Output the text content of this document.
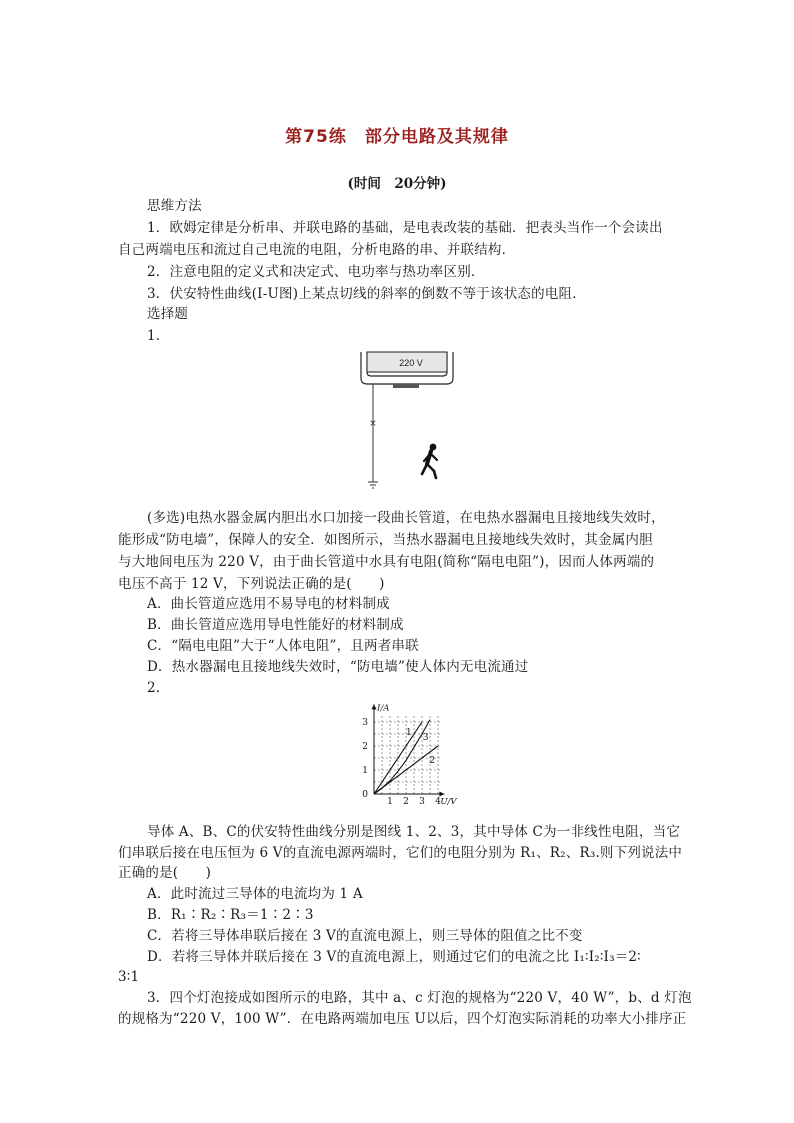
第75练　部分电路及其规律
(时间　20分钟)
思维方法
1．欧姆定律是分析串、并联电路的基础，是电表改装的基础．把表头当作一个会读出
自己两端电压和流过自己电流的电阻，分析电路的串、并联结构．
2．注意电阻的定义式和决定式、电功率与热功率区别．
3．伏安特性曲线(I-U图)上某点切线的斜率的倒数不等于该状态的电阻．
选择题
1.
220 V
×
(多选)电热水器金属内胆出水口加接一段曲长管道，在电热水器漏电且接地线失效时，
能形成“防电墙”，保障人的安全．如图所示，当热水器漏电且接地线失效时，其金属内胆
与大地间电压为 220 V，由于曲长管道中水具有电阻(简称“隔电电阻”)，因而人体两端的
电压不高于 12 V，下列说法正确的是(　　)
A．曲长管道应选用不易导电的材料制成
B．曲长管道应选用导电性能好的材料制成
C．“隔电电阻”大于“人体电阻”，且两者串联
D．热水器漏电且接地线失效时，“防电墙”使人体内无电流通过
2.
1 2 3 4
1
2
3
0
U/V
I/A
1
2
3
导体 A、B、C的伏安特性曲线分别是图线 1、2、3，其中导体 C为一非线性电阻，当它
们串联后接在电压恒为 6 V的直流电源两端时，它们的电阻分别为 R₁、R₂、R₃.则下列说法中
正确的是(　　)
A．此时流过三导体的电流均为 1 A
B．R₁∶R₂∶R₃＝1∶2∶3
C．若将三导体串联后接在 3 V的直流电源上，则三导体的阻值之比不变
D．若将三导体并联后接在 3 V的直流电源上，则通过它们的电流之比 I₁∶I₂∶I₃＝2∶
3∶1
3．四个灯泡接成如图所示的电路，其中 a、c 灯泡的规格为“220 V，40 W”，b、d 灯泡
的规格为“220 V，100 W”．在电路两端加电压 U以后，四个灯泡实际消耗的功率大小排序正
